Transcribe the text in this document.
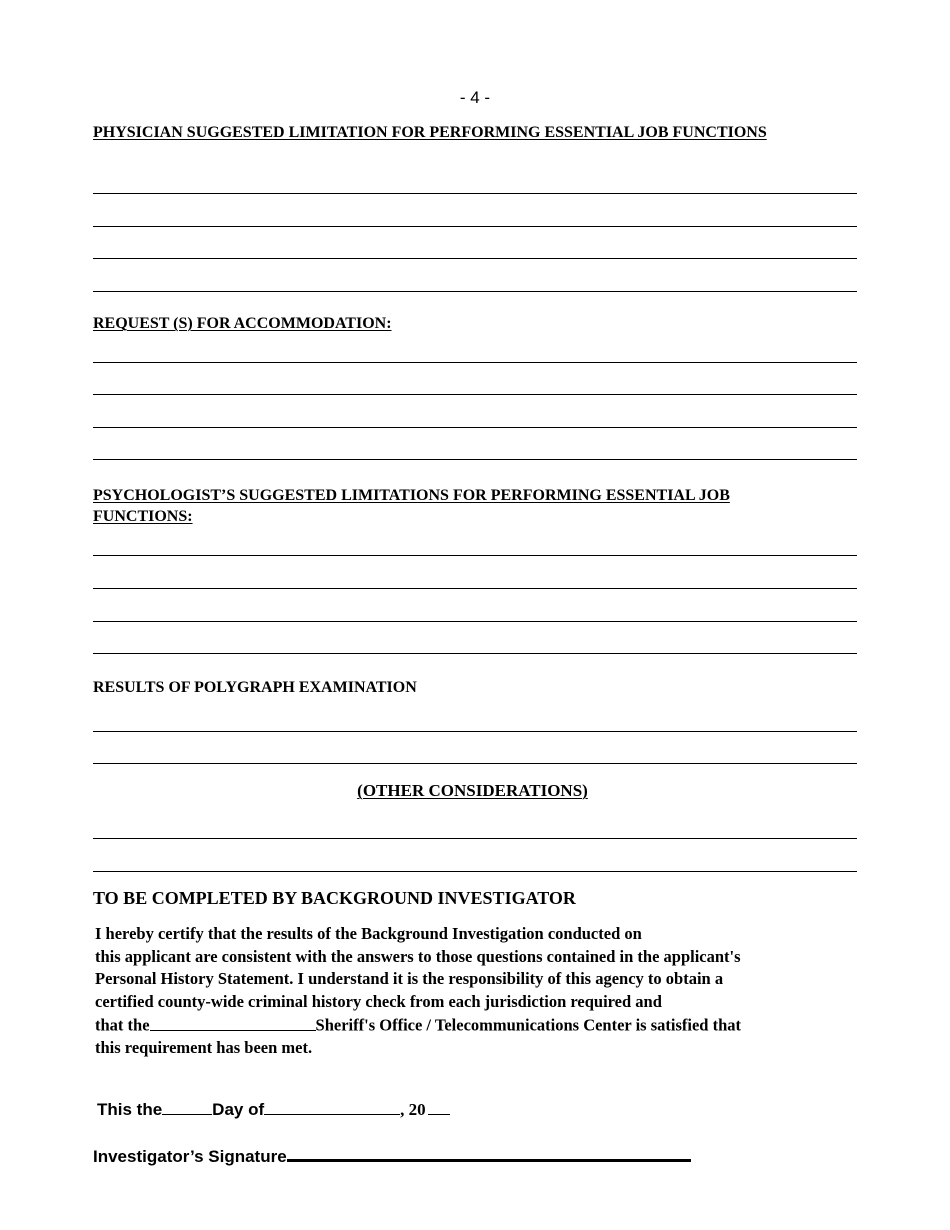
- 4 -
PHYSICIAN SUGGESTED LIMITATION FOR PERFORMING ESSENTIAL JOB FUNCTIONS
REQUEST (S) FOR ACCOMMODATION:
PSYCHOLOGIST’S SUGGESTED LIMITATIONS FOR PERFORMING ESSENTIAL JOB FUNCTIONS:
RESULTS OF POLYGRAPH EXAMINATION
(OTHER CONSIDERATIONS)
TO BE COMPLETED BY BACKGROUND INVESTIGATOR
I hereby certify that the results of the Background Investigation conducted on
this applicant are consistent with the answers to those questions contained in the applicant's
Personal History Statement. I understand it is the responsibility of this agency to obtain a
certified county-wide criminal history check from each jurisdiction required and
that the	Sheriff's Office / Telecommunications Center is satisfied that
this requirement has been met.
This the	Day of	, 20
Investigator’s Signature
